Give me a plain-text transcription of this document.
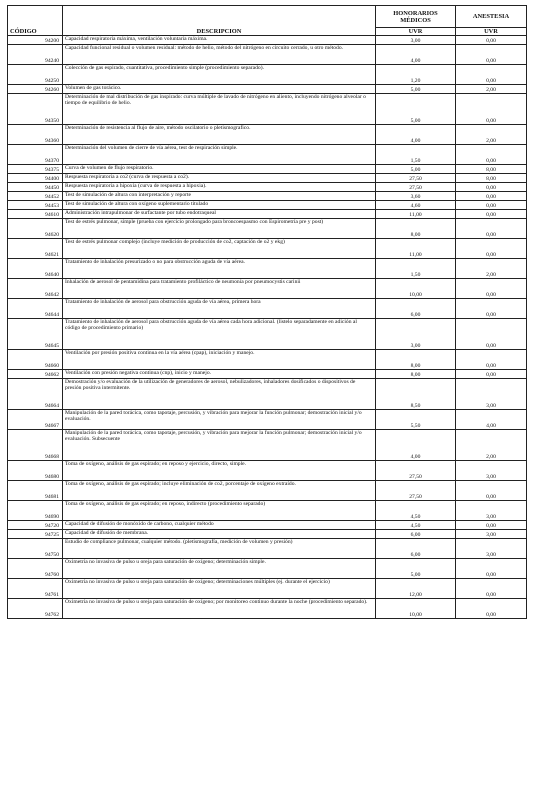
		HONORARIOS MÉDICOS	ANESTESIA
CÓDIGO	DESCRIPCION	UVR	UVR
94200	Capacidad respiratoria máxima, ventilación voluntaria máxima.	3,00	0,00
94240	Capacidad funcional residual o volumen residual: método de helio, método del nitrógeno en circuito cerrado, u otro método.	4,00	0,00
94250	Colección de gas espirado, cuantitativa, procedimiento simple (procedimiento separado).	1,20	0,00
94260	Volumen de gas torácico.	5,00	2,00
94350	Determinación de mal distribución de gas inspirado: curva múltiple de lavado de nitrógeno en aliento, incluyendo nitrógeno alveolar o tiempo de equilibrio de helio.	5,00	0,00
94360	Determinación de resistencia al flujo de aire, método oscilatorio o pletismografico.	4,00	2,00
94370	Determinación del volumen de cierre de vía aérea, test de respiración simple.	1,50	0,00
94375	Curva de volumen de flujo respiratorio.	5,00	8,00
94400	Respuesta respiratoria a co2 (curva de respuesta a co2).	27,50	8,00
94450	Respuesta respiratoria a hipoxia (curva de respuesta a hipoxia).	27,50	0,00
94452	Test de simulación de altura con interpretación y reporte	3,60	0,00
94453	Test de simulación de altura con oxígeno suplementario titulado	4,60	0,00
94610	Administración intrapulmonar de surfactante por tubo endotraqueal	11,00	0,00
94620	Test de estrés pulmonar, simple (prueba con ejercicio prolongado para broncoespasmo con Espirometría pre y post)	8,00	0,00
94621	Test de estrés pulmonar complejo (incluye medición de producción de co2, captación de o2 y ekg)	11,00	0,00
94640	Tratamiento de inhalación presurizado o no para obstrucción aguda de vía aérea.	1,50	2,00
94642	Inhalación de aerosol de pentamidina para tratamiento profiláctico de neumonía por pneumocystis carinii	10,00	0,00
94644	Tratamiento de inhalación de aerosol para obstrucción aguda de vía aérea, primera hora	6,00	0,00
94645	Tratamiento de inhalación de aerosol para obstrucción aguda de vía aérea cada hora adicional. (listelo separadamente en adición al código de procedimiento primario)	3,00	0,00
94660	Ventilación por presión positiva continua en la vía aérea (cpap), iniciación y manejo.	8,00	0,00
94662	Ventilación con presión negativa continua (cnp), inicio y manejo.	8,00	0,00
94664	Demostración y/o evaluación de la utilización de generadores de aerosol, nebulizadores, inhaladores dosificados o dispositivos de presión positiva intermitente.	8,50	3,00
94667	Manipulación de la pared torácica, como tapotaje, percusión, y vibración para mejorar la función pulmonar; demostración inicial y/o evaluación.	5,50	4,00
94668	Manipulación de la pared torácica, como tapotaje, percusión, y vibración para mejorar la función pulmonar; demostración inicial y/o evaluación. Subsecuente	4,00	2,00
94680	Toma de oxígeno, análisis de gas espirado; en reposo y ejercicio, directo, simple.	27,50	3,00
94681	Toma de oxígeno, análisis de gas espirado; incluye eliminación de co2, porcentaje de oxígeno extraído.	27,50	0,00
94690	Toma de oxígeno, análisis de gas espirado; en reposo, indirecto (procedimiento separado)	4,50	3,00
94720	Capacidad de difusión de monóxido de carbono, cualquier método	4,50	0,00
94725	Capacidad de difusión de membrana.	6,00	3,00
94750	Estudio de compliance pulmonar, cualquier método. (pletismografía, medición de volumen y presión)	6,00	3,00
94760	Oximetría no invasiva de pulso u oreja para saturación de oxígeno; determinación simple.	5,00	0,00
94761	Oximetría no invasiva de pulso u oreja para saturación de oxígeno; determinaciones múltiples (ej. durante el ejercicio)	12,00	0,00
94762	Oximetría no invasiva de pulso u oreja para saturación de oxígeno; por monitoreo continuo durante la noche (procedimiento separado).	10,00	0,00
